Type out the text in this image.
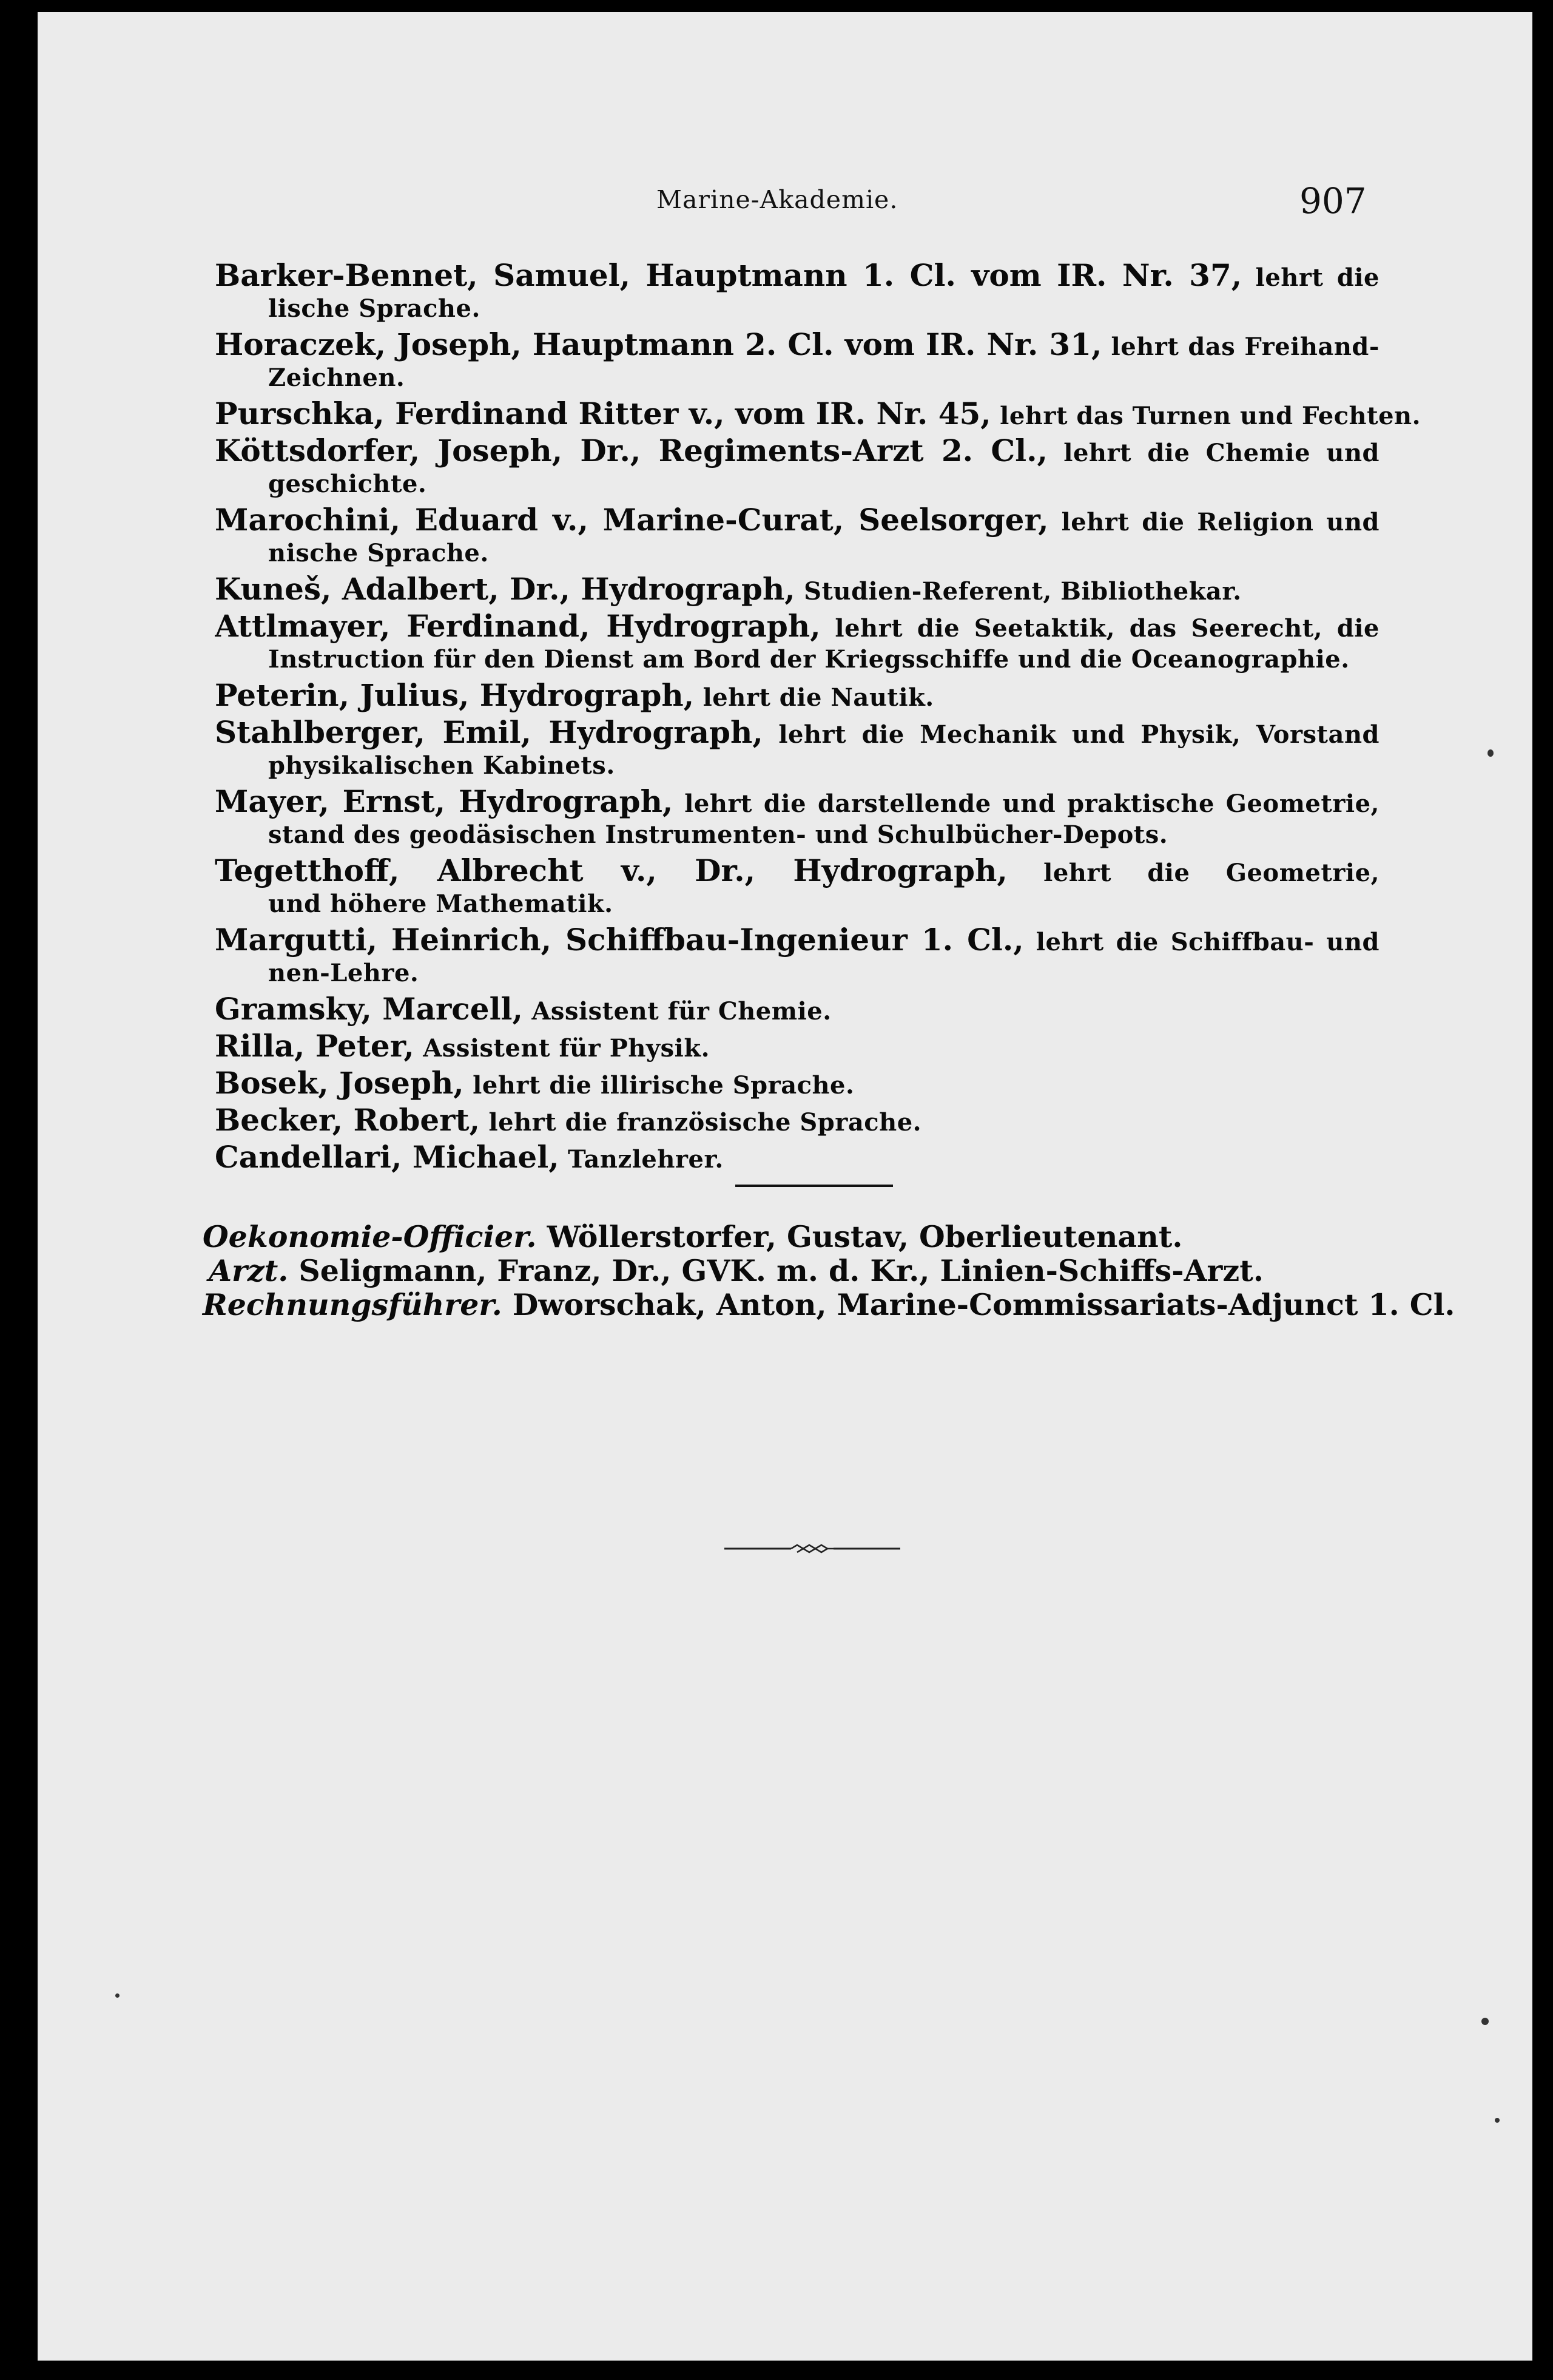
Marine-Akademie.	907
Barker-Bennet, Samuel, Hauptmann 1. Cl. vom IR. Nr. 37, lehrt die
lische Sprache.
Horaczek, Joseph, Hauptmann 2. Cl. vom IR. Nr. 31, lehrt das Freihand-
Zeichnen.
Purschka, Ferdinand Ritter v., vom IR. Nr. 45, lehrt das Turnen und Fechten.
Köttsdorfer, Joseph, Dr., Regiments-Arzt 2. Cl., lehrt die Chemie und
geschichte.
Marochini, Eduard v., Marine-Curat, Seelsorger, lehrt die Religion und
nische Sprache.
Kuneš, Adalbert, Dr., Hydrograph, Studien-Referent, Bibliothekar.
Attlmayer, Ferdinand, Hydrograph, lehrt die Seetaktik, das Seerecht, die
Instruction für den Dienst am Bord der Kriegsschiffe und die Oceanographie.
Peterin, Julius, Hydrograph, lehrt die Nautik.
Stahlberger, Emil, Hydrograph, lehrt die Mechanik und Physik, Vorstand
physikalischen Kabinets.
Mayer, Ernst, Hydrograph, lehrt die darstellende und praktische Geometrie,
stand des geodäsischen Instrumenten- und Schulbücher-Depots.
Tegetthoff, Albrecht v., Dr., Hydrograph, lehrt die Geometrie,
und höhere Mathematik.
Margutti, Heinrich, Schiffbau-Ingenieur 1. Cl., lehrt die Schiffbau- und
nen-Lehre.
Gramsky, Marcell, Assistent für Chemie.
Rilla, Peter, Assistent für Physik.
Bosek, Joseph, lehrt die illirische Sprache.
Becker, Robert, lehrt die französische Sprache.
Candellari, Michael, Tanzlehrer.
Oekonomie-Officier. Wöllerstorfer, Gustav, Oberlieutenant.
Arzt. Seligmann, Franz, Dr., GVK. m. d. Kr., Linien-Schiffs-Arzt.
Rechnungsführer. Dworschak, Anton, Marine-Commissariats-Adjunct 1. Cl.
